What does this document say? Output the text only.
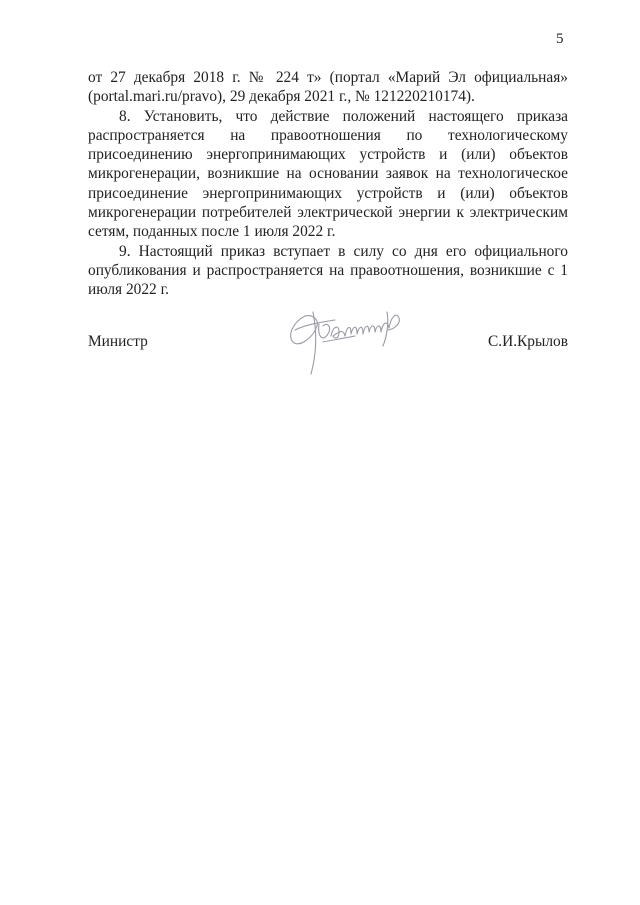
5

от 27 декабря 2018 г. № 224 т» (портал «Марий Эл официальная» (portal.mari.ru/pravo), 29 декабря 2021 г., № 121220210174).

8. Установить, что действие положений настоящего приказа распространяется на правоотношения по технологическому присоединению энергопринимающих устройств и (или) объектов микрогенерации, возникшие на основании заявок на технологическое присоединение энергопринимающих устройств и (или) объектов микрогенерации потребителей электрической энергии к электрическим сетям, поданных после 1 июля 2022 г.

9. Настоящий приказ вступает в силу со дня его официального опубликования и распространяется на правоотношения, возникшие с 1 июля 2022 г.

Министр	С.И.Крылов
